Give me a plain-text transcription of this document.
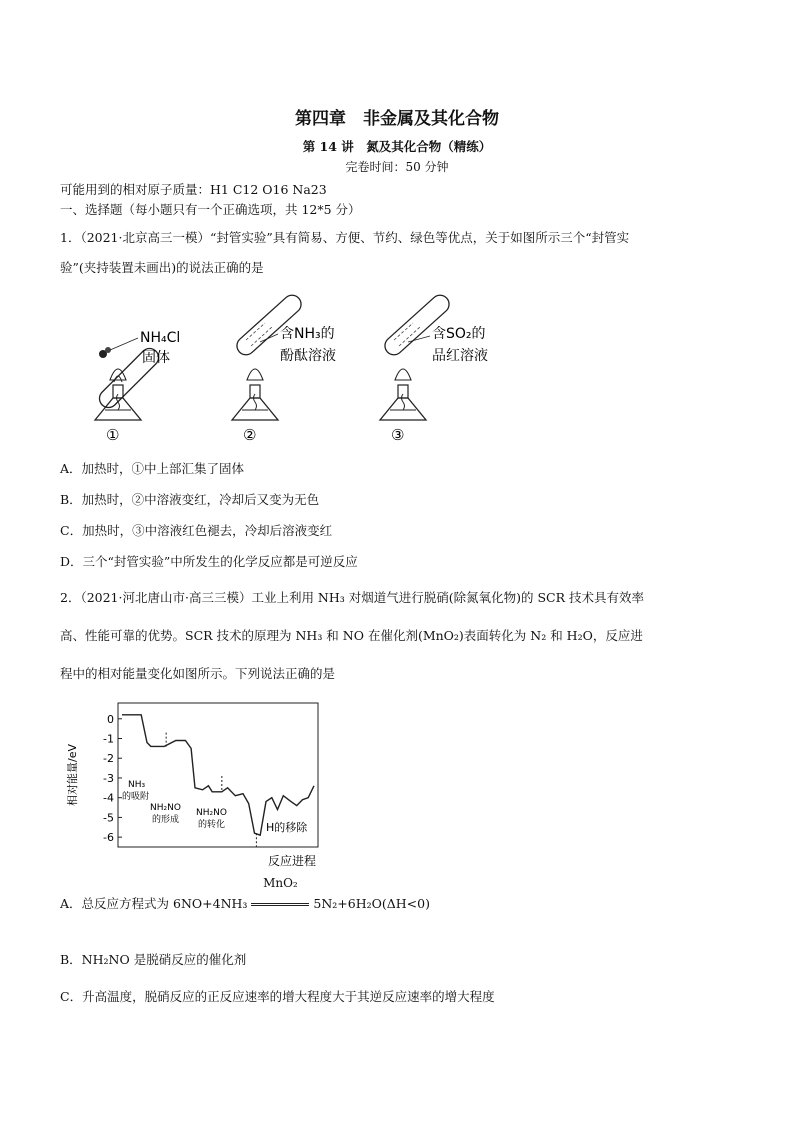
第四章　非金属及其化合物
第 14 讲　氮及其化合物（精练）
完卷时间：50 分钟
可能用到的相对原子质量：H1 C12 O16 Na23
一、选择题（每小题只有一个正确选项，共 12*5 分）
1．（2021·北京高三一模）“封管实验”具有简易、方便、节约、绿色等优点，关于如图所示三个“封管实
验”(夹持装置未画出)的说法正确的是
NH₄Cl
固体
①
含NH₃的
酚酞溶液
②
含SO₂的
品红溶液
③
A．加热时，①中上部汇集了固体
B．加热时，②中溶液变红，冷却后又变为无色
C．加热时，③中溶液红色褪去，冷却后溶液变红
D．三个“封管实验”中所发生的化学反应都是可逆反应
2．（2021·河北唐山市·高三三模）工业上利用 NH₃ 对烟道气进行脱硝(除氮氧化物)的 SCR 技术具有效率
高、性能可靠的优势。SCR 技术的原理为 NH₃ 和 NO 在催化剂(MnO₂)表面转化为 N₂ 和 H₂O，反应进
程中的相对能量变化如图所示。下列说法正确的是
0
-1
-2
-3
-4
-5
-6
相对能量/eV
反应进程
NH₃
的吸附
NH₂NO
的形成
NH₂NO
的转化	H的移除
A．总反应方程式为 6NO+4NH₃
MnO₂
5N₂+6H₂O(ΔH<0)
B．NH₂NO 是脱硝反应的催化剂
C．升高温度，脱硝反应的正反应速率的增大程度大于其逆反应速率的增大程度
